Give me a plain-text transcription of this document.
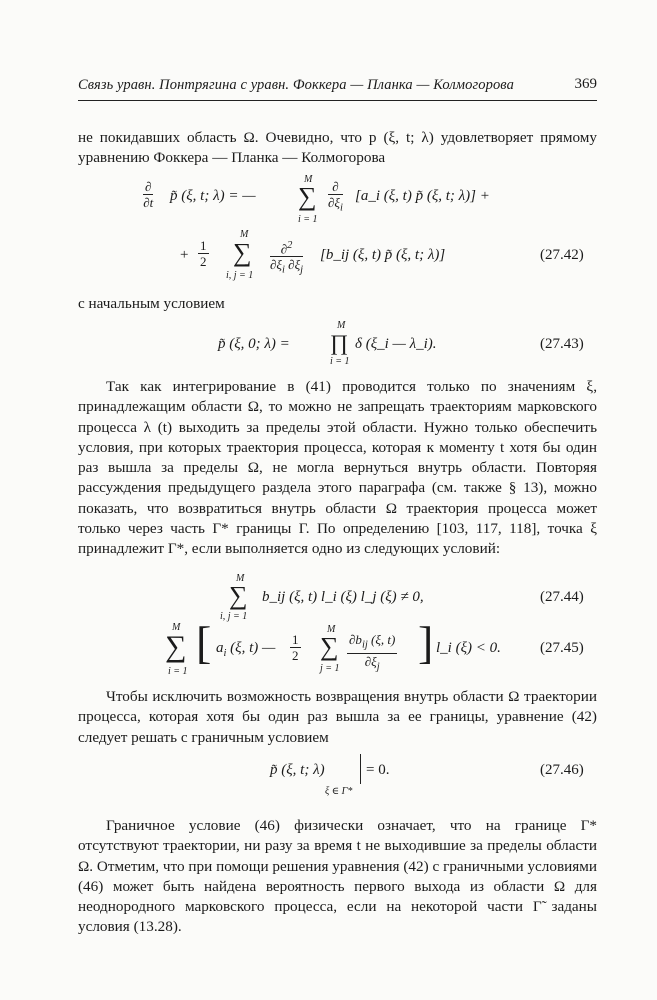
Связь уравн. Понтрягина с уравн. Фоккера — Планка — Колмогорова	369

не покидавших область Ω. Очевидно, что p (ξ, t; λ) удовлетворяет прямому уравнению Фоккера — Планка — Колмогорова

∂
∂t p̃ (ξ, t; λ) = —
M
∑
i = 1
∂
$\partial\xi_i$
[a_i (ξ, t) p̃ (ξ, t; λ)] +
+ $\frac{1}{2}$
M
∑
i, $j = 1 \frac{\partial^2}{\partial\xi_i \partial\xi_j}$ [b_ij (ξ, t) p̃ (ξ, t; λ)]	(27.42)

с начальным условием

p̃ (ξ, 0; λ) =
M
∏
i = 1
δ (ξ_i — λ_i).	(27.43)

Так как интегрирование в (41) проводится только по значениям ξ, принадлежащим области Ω, то можно не запрещать траекториям марковского процесса λ (t) выходить за пределы этой области. Нужно только обеспечить условия, при которых траектория процесса, которая к моменту t хотя бы один раз вышла за пределы Ω, не могла вернуться внутрь области. Повторяя рассуждения предыдущего раздела этого параграфа (см. также § 13), можно показать, что возвратиться внутрь области Ω траектория процесса может только через часть Γ* границы Γ. По определению [103, 117, 118], точка ξ принадлежит Γ*, если выполняется одно из следующих условий:

M
∑
i, j = 1
b_ij (ξ, t) l_i (ξ) l_j (ξ) ≠ 0,	(27.44)
M
∑
i = 1
[ $a_i$ (ξ, t) — $\frac{1}{2}$
M
∑
j = 1
$\partial b_{ij}$ (ξ, t)
$\partial\xi_j$ ] l_i (ξ) < 0.	(27.45)

Чтобы исключить возможность возвращения внутрь области Ω траектории процесса, которая хотя бы один раз вышла за ее границы, уравнение (42) следует решать с граничным условием

p̃ (ξ, t; λ)	= 0.
ξ ∈ Γ*
(27.46)

Граничное условие (46) физически означает, что на границе Γ* отсутствуют траектории, ни разу за время t не выходившие за пределы области Ω. Отметим, что при помощи решения уравнения (42) с граничными условиями (46) может быть найдена вероятность первого выхода из области Ω для неоднородного марковского процесса, если на некоторой части Γ̃ заданы условия (13.28).
